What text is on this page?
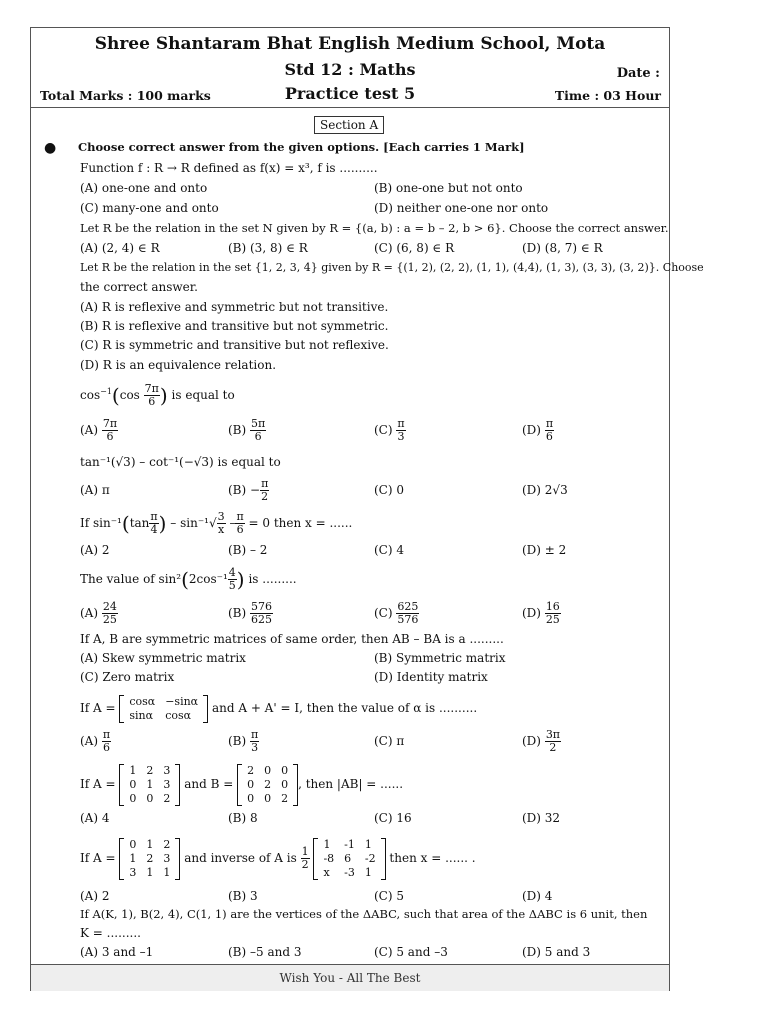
Shree Shantaram Bhat English Medium School, Mota
Std 12 : Maths
Practice test 5
Date :
Total Marks : 100 marks	Time : 03 Hour
Section A
● Choose correct answer from the given options. [Each carries 1 Mark]
Function f : R → R defined as f(x) = x³, f is ..........
(A) one-one and onto	(B) one-one but not onto
(C) many-one and onto	(D) neither one-one nor onto
Let R be the relation in the set N given by R = {(a, b) : a = b – 2, b > 6}. Choose the correct answer.
(A) (2, 4) ∈ R	(B) (3, 8) ∈ R	(C) (6, 8) ∈ R	(D) (8, 7) ∈ R
Let R be the relation in the set {1, 2, 3, 4} given by R = {(1, 2), (2, 2), (1, 1), (4,4), (1, 3), (3, 3), (3, 2)}. Choose
the correct answer.
(A) R is reflexive and symmetric but not transitive.
(B) R is reflexive and transitive but not symmetric.
(C) R is symmetric and transitive but not reflexive.
(D) R is an equivalence relation.
$\cos^{-1}(\cos \frac{7\pi}{6}$ ) is equal to
$(A) \frac{7\pi}{6}$	$(B) \frac{5\pi}{6}$	$(C) \frac{\pi}{3}$	$(D) \frac{\pi}{6}$
tan⁻¹(√3) – cot⁻¹(−√3) is equal to
(A) π	$(B) - \frac{\pi}{2}$	(C) 0	(D) 2√3
If $\sin^{-1}(\tan \frac{\pi}{4}$ ) – $\sin^{-1}√ \frac{3}{x} - \frac{\pi}{6} = 0$ then x = ......
(A) 2	(B) – 2	(C) 4	(D) ± 2
The value of $\sin^2(2\cos^{-1} \frac{4}{5}$ ) is .........
$(A) \frac{24}{25}$	$(B) \frac{576}{625}$	$(C) \frac{625}{576}$	$(D) \frac{16}{25}$
If A, B are symmetric matrices of same order, then AB – BA is a .........
(A) Skew symmetric matrix	(B) Symmetric matrix
(C) Zero matrix	(D) Identity matrix
If A = cosα	−sinα
sinα	cosα and A + A' = I, then the value of α is ..........
$(A) \frac{\pi}{6}$	$(B) \frac{\pi}{3}$	(C) π	$(D) \frac{3\pi}{2}$
If A =
1	2	3
0	1	3
0	0	2
and B =
2	0	0
0	2	0
0	0	2
, then |AB| = ......
(A) 4	(B) 8	(C) 16	(D) 32
If A =
0	1	2
1	2	3
3	1	1
and inverse of A is $\frac{1}{2}$

1	-1	1
-8	6	-2
x	-3	1
then x = ...... .
(A) 2	(B) 3	(C) 5	(D) 4
If A(K, 1), B(2, 4), C(1, 1) are the vertices of the ΔABC, such that area of the ΔABC is 6 unit, then
K = .........
(A) 3 and –1	(B) –5 and 3	(C) 5 and –3	(D) 5 and 3
Wish You - All The Best
